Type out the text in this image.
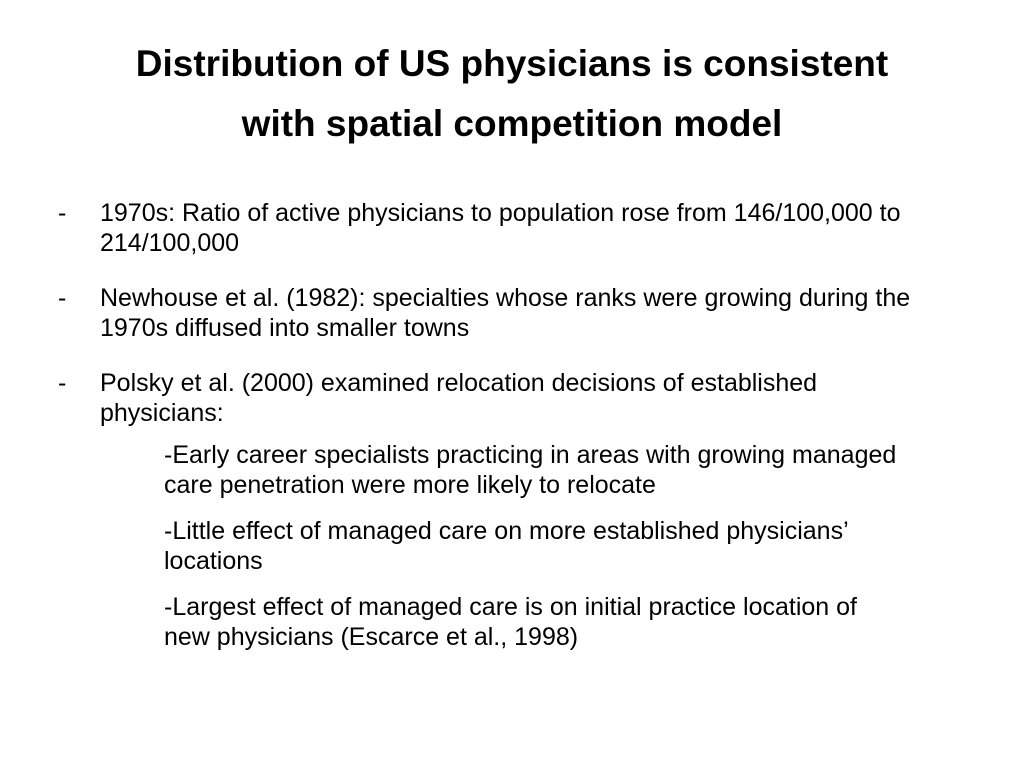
Distribution of US physicians is consistent
with spatial competition model
-	1970s: Ratio of active physicians to population rose from 146/100,000 to 214/100,000
-	Newhouse et al. (1982): specialties whose ranks were growing during the 1970s diffused into smaller towns
-	Polsky et al. (2000) examined relocation decisions of established physicians:
-Early career specialists practicing in areas with growing managed care penetration were more likely to relocate
-Little effect of managed care on more established physicians’ locations
-Largest effect of managed care is on initial practice location of new physicians (Escarce et al., 1998)
